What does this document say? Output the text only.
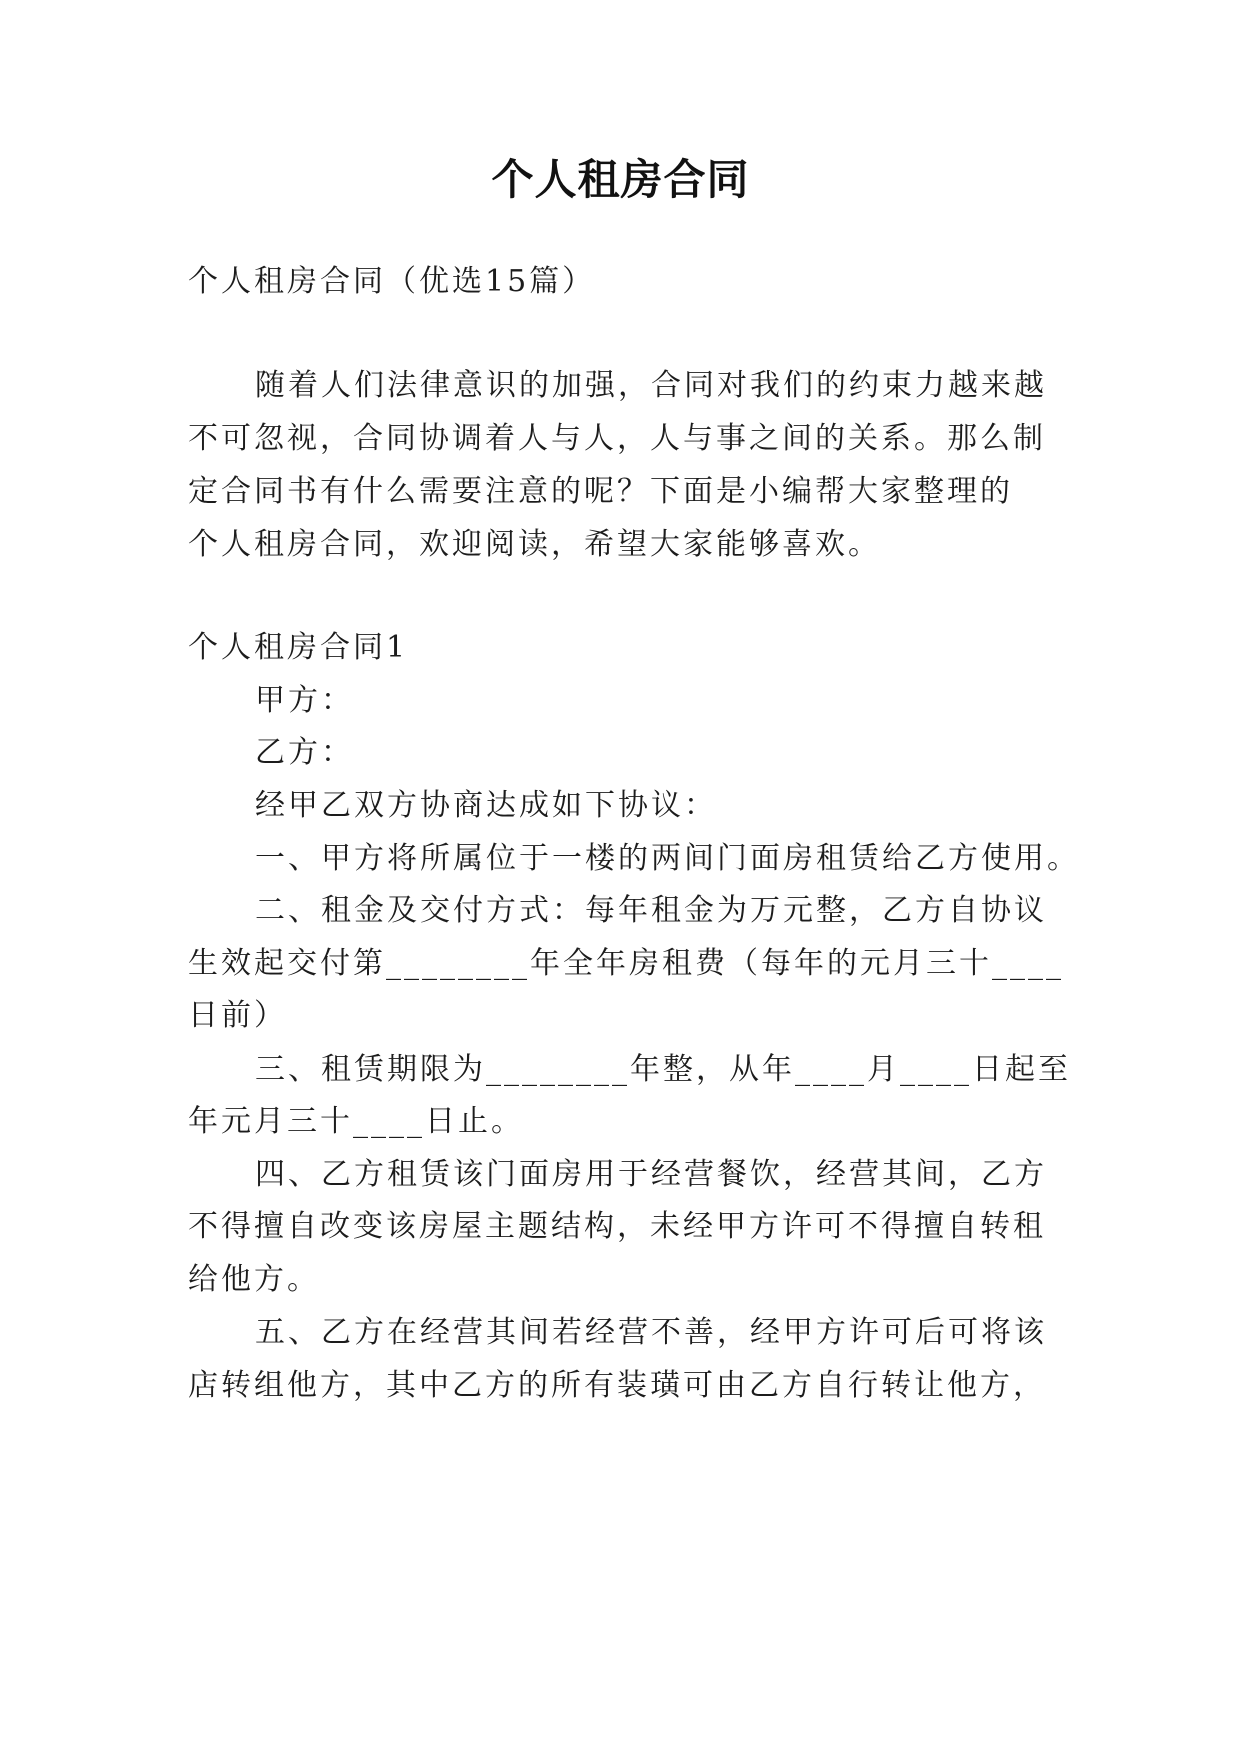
个人租房合同
个人租房合同（优选15篇）
随着人们法律意识的加强，合同对我们的约束力越来越
不可忽视，合同协调着人与人，人与事之间的关系。那么制
定合同书有什么需要注意的呢？下面是小编帮大家整理的
个人租房合同，欢迎阅读，希望大家能够喜欢。
个人租房合同1
甲方：
乙方：
经甲乙双方协商达成如下协议：
一、甲方将所属位于一楼的两间门面房租赁给乙方使用。
二、租金及交付方式：每年租金为万元整，乙方自协议
生效起交付第________年全年房租费（每年的元月三十____
日前）
三、租赁期限为________年整，从年____月____日起至
年元月三十____日止。
四、乙方租赁该门面房用于经营餐饮，经营其间，乙方
不得擅自改变该房屋主题结构，未经甲方许可不得擅自转租
给他方。
五、乙方在经营其间若经营不善，经甲方许可后可将该
店转组他方，其中乙方的所有装璜可由乙方自行转让他方，
